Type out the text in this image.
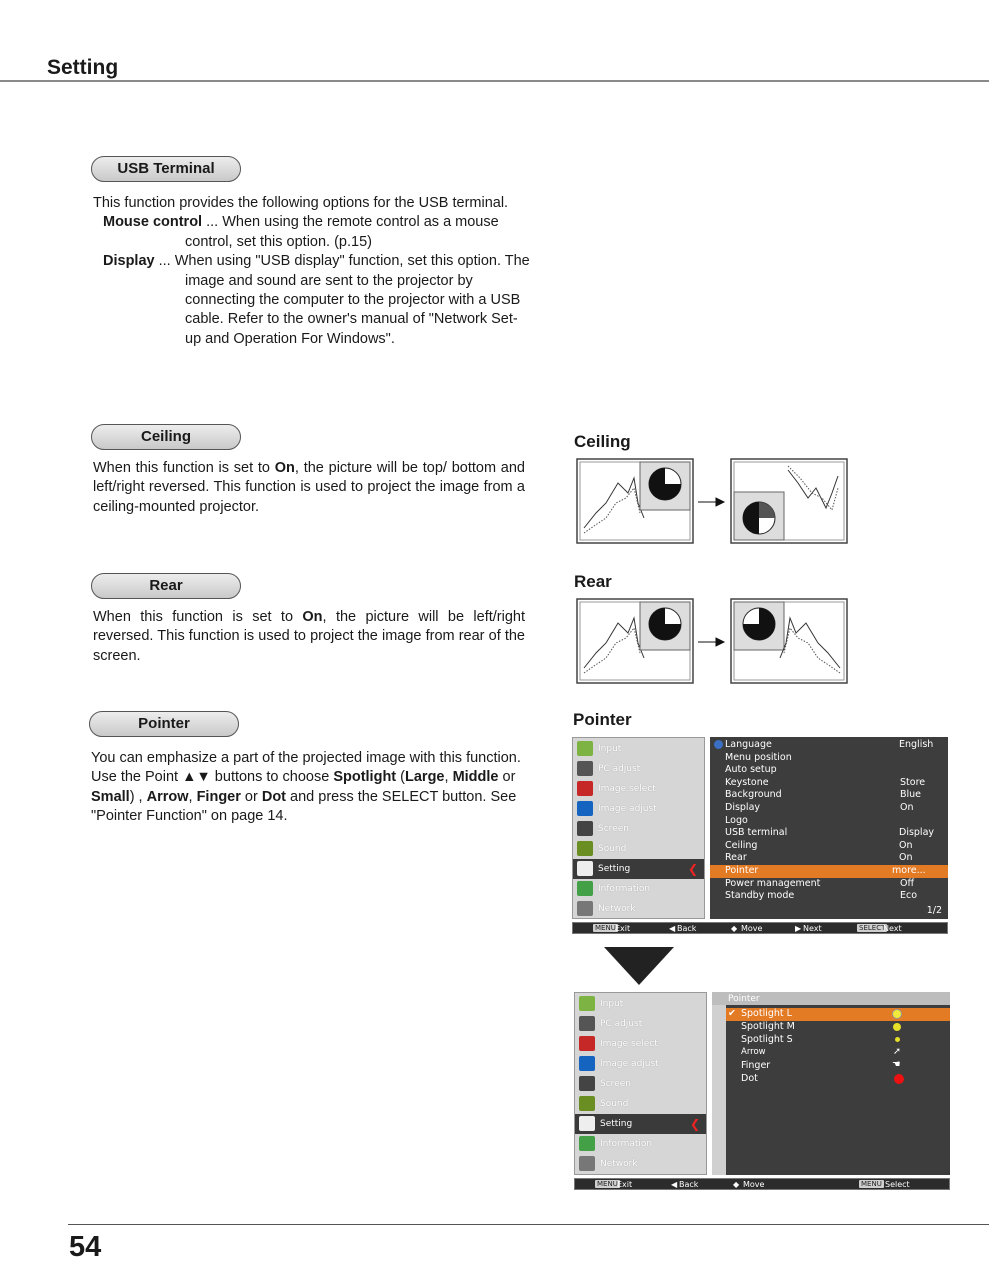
Setting
54
USB Terminal
This function provides the following options for the USB terminal.
Mouse control ... When using the remote control as a mouse control, set this option. (p.15)
Display ... When using "USB display" function, set this option. The image and sound are sent to the projector by connecting the computer to the projector with a USB cable. Refer to the owner's manual of "Network Set-up and Operation For Windows".
Ceiling
When this function is set to On, the picture will be top/ bottom and left/right reversed. This function is used to project the image from a ceiling-mounted projector.
Ceiling
Rear
When this function is set to On, the picture will be left/right reversed. This function is used to project the image from rear of the screen.
Rear
Pointer
You can emphasize a part of the projected image with this function. Use the Point ▲▼ buttons to choose Spotlight (Large, Middle or Small) , Arrow, Finger or Dot and press the SELECT button. See "Pointer Function" on page 14.
Pointer
Input
PC adjust
Image select
Image adjust
Screen
Sound
Setting	❮
Information
Network
Language	English
Menu position
Auto setup
Keystone	Store
Background	Blue
Display	On
Logo
USB terminal	Display
Ceiling	On
Rear	On
Pointer	more...
Power management	Off
Standby mode	Eco
1/2
MENU Exit	◀ Back	◆ Move	▶ Next	SELECT
Next
Input
PC adjust
Image select
Image adjust
Screen
Sound
Setting	❮
Information
Network
Pointer
✔ Spotlight L
Spotlight M
Spotlight S
Arrow	➚
Finger	☚
Dot
MENU Exit	◀ Back	◆ Move	MENU Select
